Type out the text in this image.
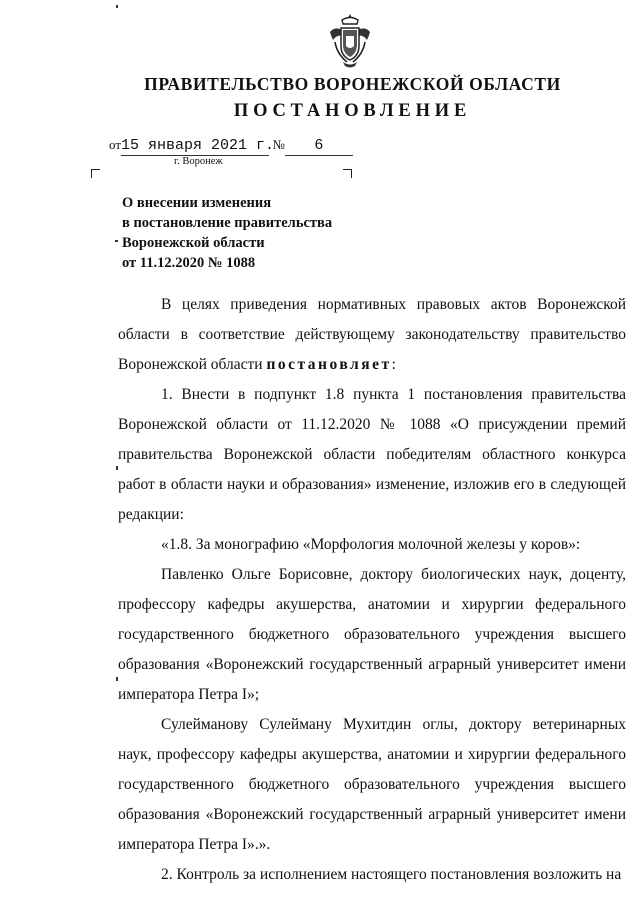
ПРАВИТЕЛЬСТВО ВОРОНЕЖСКОЙ ОБЛАСТИ
ПОСТАНОВЛЕНИЕ
от15 января 2021 г. № 6
г. Воронеж
О внесении изменения
в постановление правительства
Воронежской области
от 11.12.2020 № 1088

В целях приведения нормативных правовых актов Воронежской области в соответствие действующему законодательству правительство Воронежской области постановляет:

1. Внести в подпункт 1.8 пункта 1 постановления правительства Воронежской области от 11.12.2020 № 1088 «О присуждении премий правительства Воронежской области победителям областного конкурса работ в области науки и образования» изменение, изложив его в следующей редакции:

«1.8. За монографию «Морфология молочной железы у коров»:

Павленко Ольге Борисовне, доктору биологических наук, доценту, профессору кафедры акушерства, анатомии и хирургии федерального государственного бюджетного образовательного учреждения высшего образования «Воронежский государственный аграрный университет имени императора Петра I»;

Сулейманову Сулейману Мухитдин оглы, доктору ветеринарных наук, профессору кафедры акушерства, анатомии и хирургии федерального государственного бюджетного образовательного учреждения высшего образования «Воронежский государственный аграрный университет имени императора Петра I».».

2. Контроль за исполнением настоящего постановления возложить на
